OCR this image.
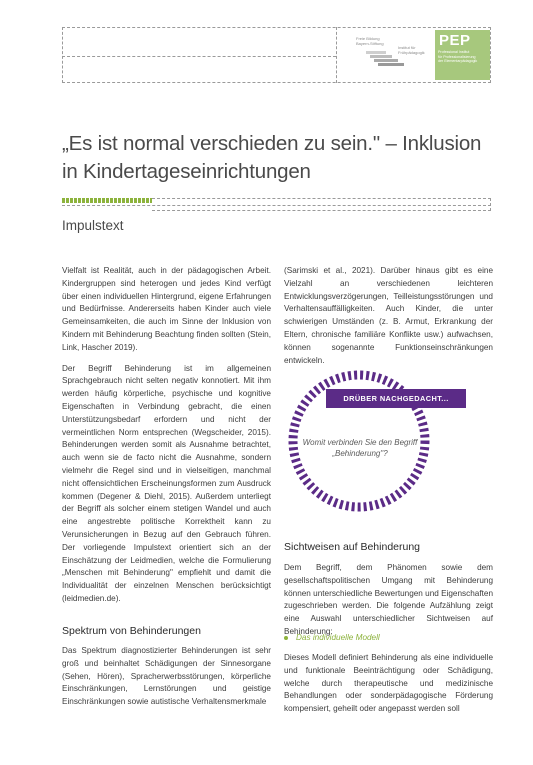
Freie Bildung
Bayern-Stiftung
Institut für
Frühpädagogik
PEP
Professional Institut
für Professionalisierung
der Elementarpädagogik
„Es ist normal verschieden zu sein." – Inklusion in Kindertageseinrichtungen
Impulstext

Vielfalt ist Realität, auch in der pädagogischen Arbeit. Kindergruppen sind heterogen und jedes Kind verfügt über einen individuellen Hintergrund, eigene Erfahrungen und Bedürfnisse. Andererseits haben Kinder auch viele Gemeinsamkeiten, die auch im Sinne der Inklusion von Kindern mit Behinderung Beachtung finden sollten (Stein, Link, Hascher 2019).

Der Begriff Behinderung ist im allgemeinen Sprachgebrauch nicht selten negativ konnotiert. Mit ihm werden häufig körperliche, psychische und kognitive Eigenschaften in Verbindung gebracht, die einen Unterstützungsbedarf erfordern und nicht der vermeintlichen Norm entsprechen (Wegscheider, 2015). Behinderungen werden somit als Ausnahme betrachtet, auch wenn sie de facto nicht die Ausnahme, sondern vielmehr die Regel sind und in vielseitigen, manchmal nicht offensichtlichen Erscheinungsformen zum Ausdruck kommen (Degener & Diehl, 2015). Außerdem unterliegt der Begriff als solcher einem stetigen Wandel und auch eine angestrebte politische Korrektheit kann zu Verunsicherungen in Bezug auf den Gebrauch führen. Der vorliegende Impulstext orientiert sich an der Einschätzung der Leidmedien, welche die Formulierung „Menschen mit Behinderung" empfiehlt und damit die Individualität der einzelnen Menschen berücksichtigt (leidmedien.de).

Spektrum von Behinderungen

Das Spektrum diagnostizierter Behinderungen ist sehr groß und beinhaltet Schädigungen der Sinnesorgane (Sehen, Hören), Spracherwerbsstörungen, körperliche Einschränkungen, Lernstörungen und geistige Einschränkungen sowie autistische Verhaltensmerkmale

(Sarimski et al., 2021). Darüber hinaus gibt es eine Vielzahl an verschiedenen leichteren Entwicklungsverzögerungen, Teilleistungsstörungen und Verhaltensauffälligkeiten. Auch Kinder, die unter schwierigen Umständen (z. B. Armut, Erkrankung der Eltern, chronische familiäre Konflikte usw.) aufwachsen, können sogenannte Funktionseinschränkungen entwickeln.

DRÜBER NACHGEDACHT...
Womit verbinden Sie den Begriff „Behinderung"?
Sichtweisen auf Behinderung

Dem Begriff, dem Phänomen sowie dem gesellschaftspolitischen Umgang mit Behinderung können unterschiedliche Bewertungen und Eigenschaften zugeschrieben werden. Die folgende Aufzählung zeigt eine Auswahl unterschiedlicher Sichtweisen auf Behinderung:

Das individuelle Modell

Dieses Modell definiert Behinderung als eine individuelle und funktionale Beeinträchtigung oder Schädigung, welche durch therapeutische und medizinische Behandlungen oder sonderpädagogische Förderung kompensiert, geheilt oder angepasst werden soll
